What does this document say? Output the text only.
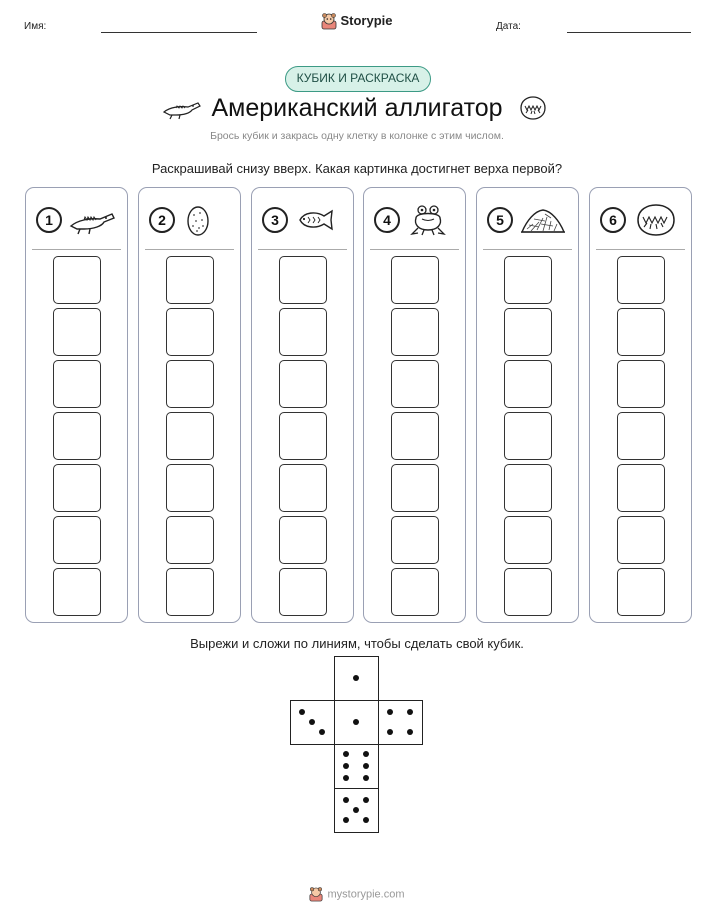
Имя:	Storypie	Дата:
КУБИК И РАСКРАСКА
Американский аллигатор
Брось кубик и закрась одну клетку в колонке с этим числом.
Раскрашивай снизу вверх. Какая картинка достигнет верха первой?
1	2	3	4	5	6
Вырежи и сложи по линиям, чтобы сделать свой кубик.
mystorypie.com
